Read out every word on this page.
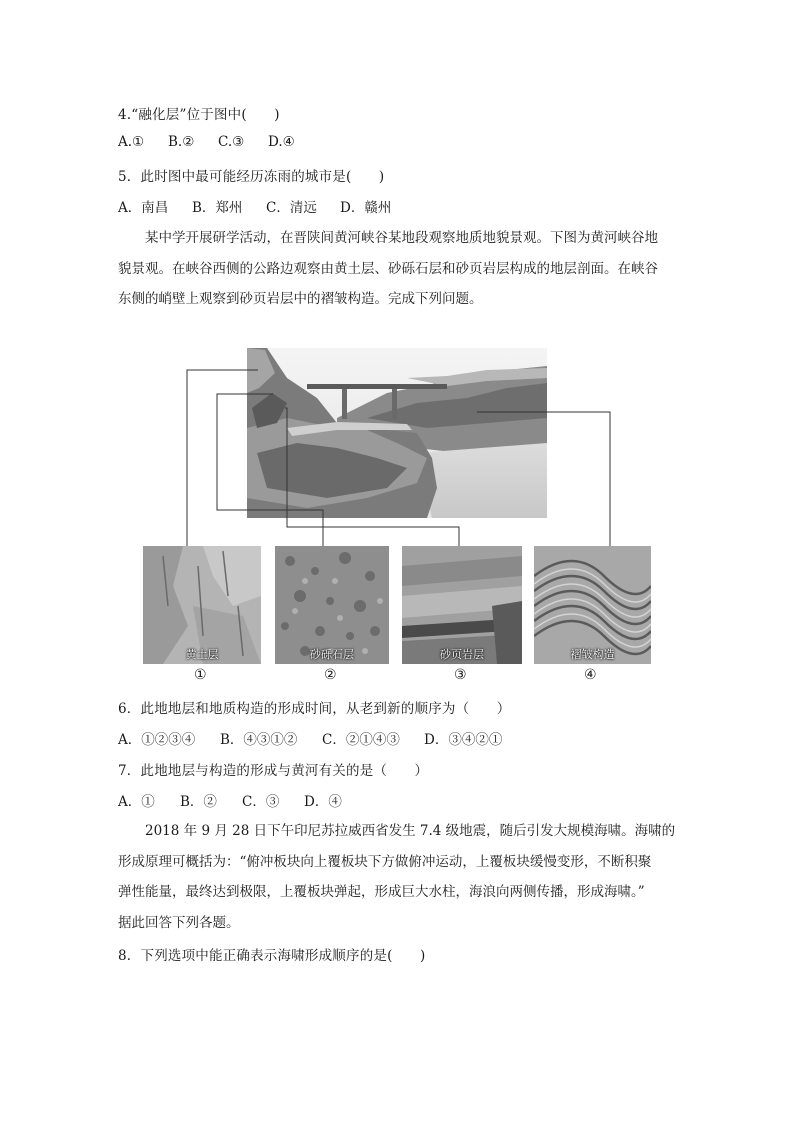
4.“融化层”位于图中(　　)
A.① B.② C.③ D.④
5．此时图中最可能经历冻雨的城市是(　　)
A．南昌 B．郑州 C．清远 D．赣州

某中学开展研学活动，在晋陕间黄河峡谷某地段观察地质地貌景观。下图为黄河峡谷地

貌景观。在峡谷西侧的公路边观察由黄土层、砂砾石层和砂页岩层构成的地层剖面。在峡谷

东侧的峭壁上观察到砂页岩层中的褶皱构造。完成下列问题。

黄土层	砂砾石层	砂页岩层	褶皱构造
①	②	③	④
6．此地地层和地质构造的形成时间，从老到新的顺序为（　　）
A．①②③④ B．④③①② C．②①④③ D．③④②①
7．此地地层与构造的形成与黄河有关的是（　　）
A．① B．② C．③ D．④

2018 年 9 月 28 日下午印尼苏拉威西省发生 7.4 级地震，随后引发大规模海啸。海啸的

形成原理可概括为：“俯冲板块向上覆板块下方做俯冲运动，上覆板块缓慢变形，不断积聚

弹性能量，最终达到极限，上覆板块弹起，形成巨大水柱，海浪向两侧传播，形成海啸。”

据此回答下列各题。

8．下列选项中能正确表示海啸形成顺序的是(　　)
